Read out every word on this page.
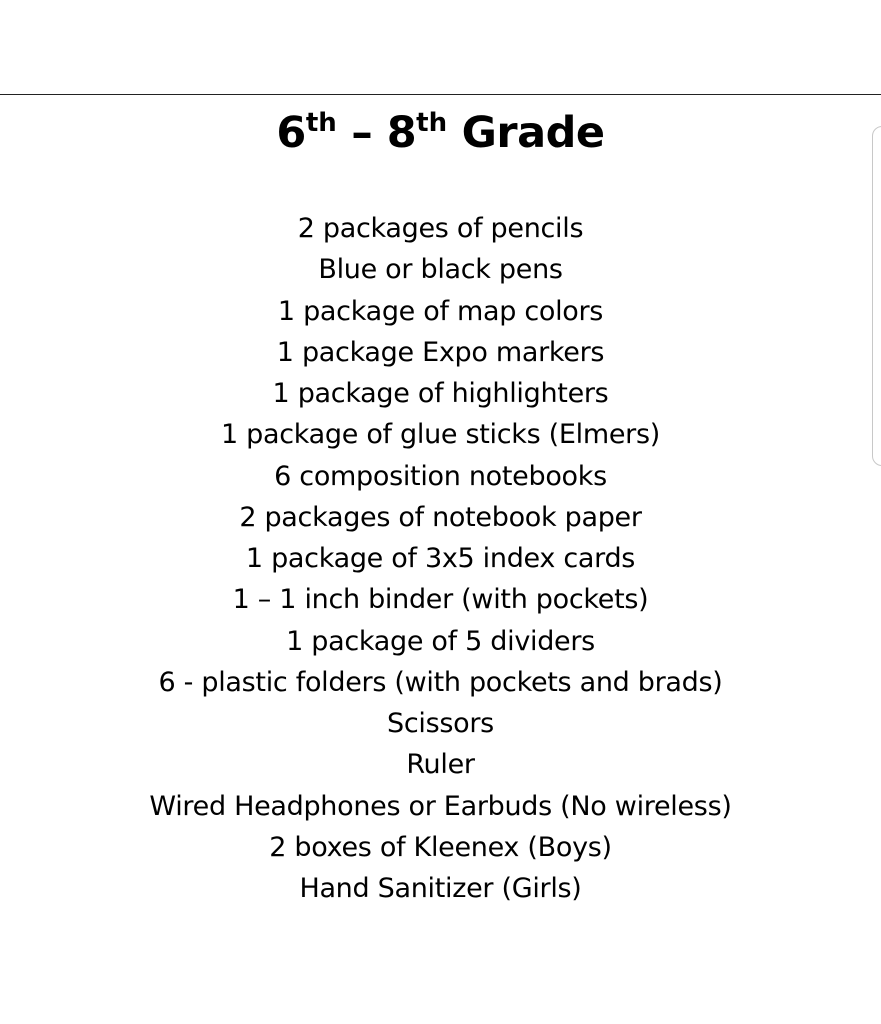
6th – 8th Grade
2 packages of pencils
Blue or black pens
1 package of map colors
1 package Expo markers
1 package of highlighters
1 package of glue sticks (Elmers)
6 composition notebooks
2 packages of notebook paper
1 package of 3x5 index cards
1 – 1 inch binder (with pockets)
1 package of 5 dividers
6 - plastic folders (with pockets and brads)
Scissors
Ruler
Wired Headphones or Earbuds (No wireless)
2 boxes of Kleenex (Boys)
Hand Sanitizer (Girls)
